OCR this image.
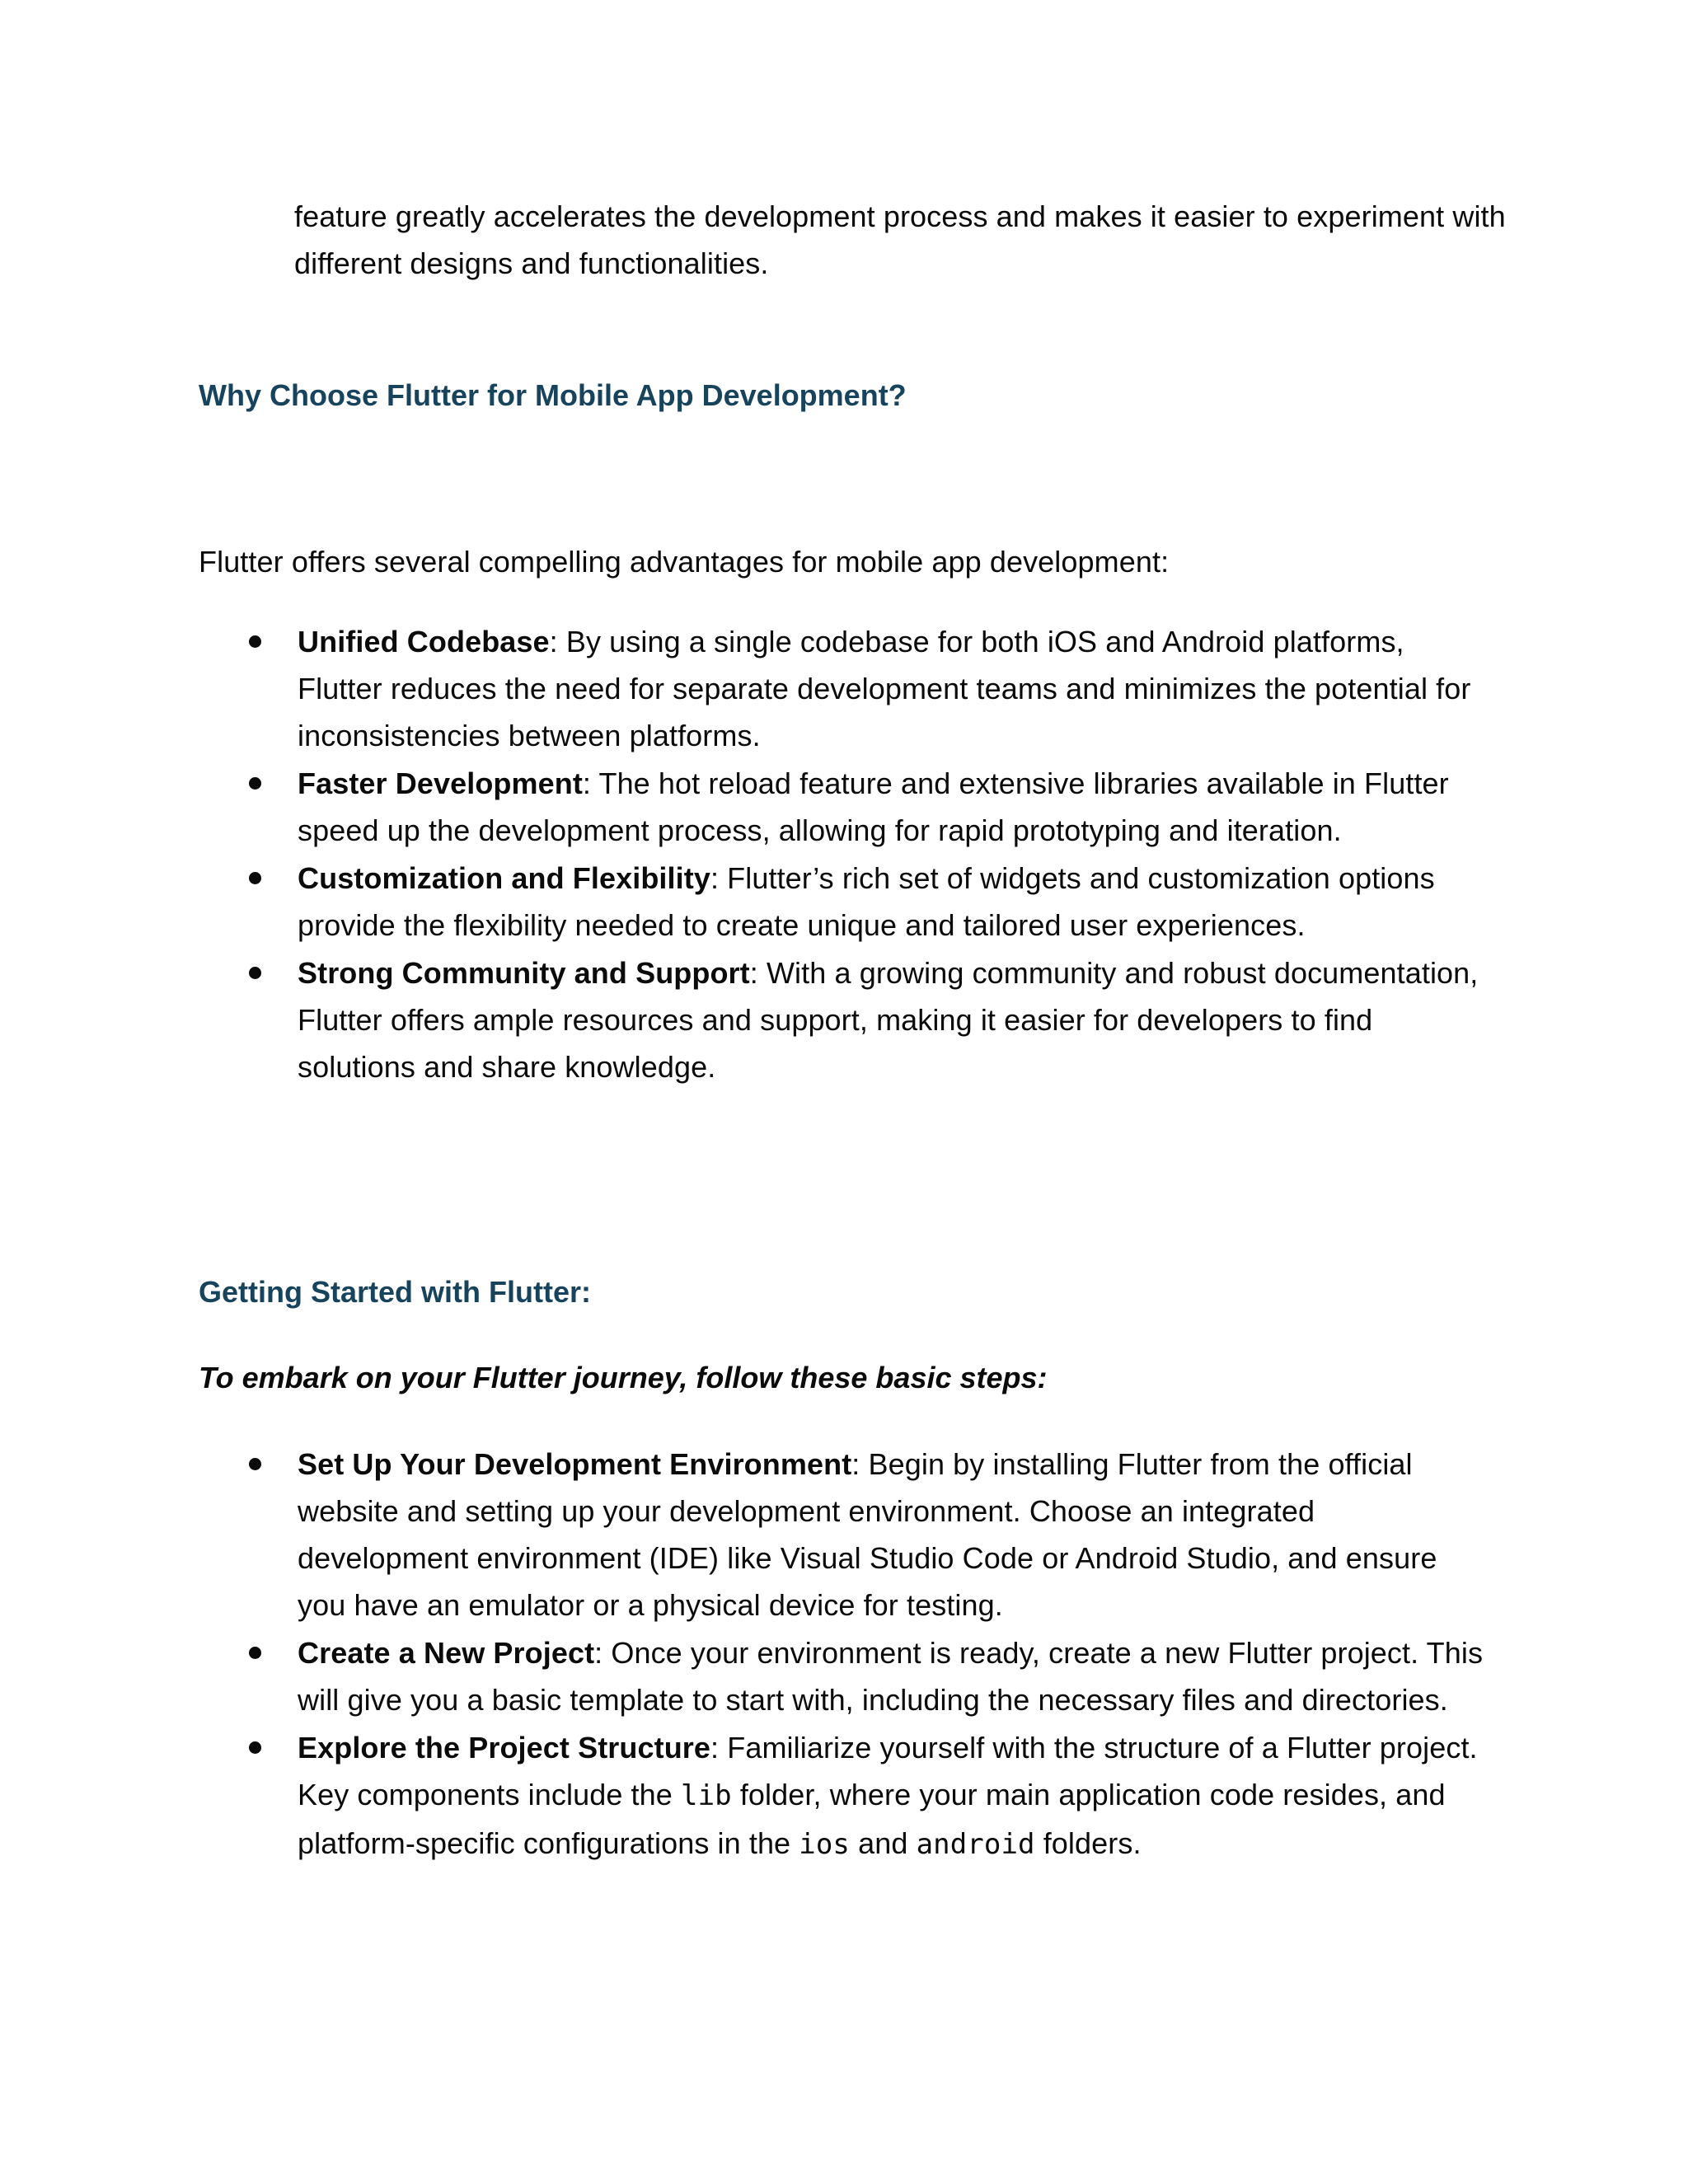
feature greatly accelerates the development process and makes it easier to experiment with different designs and functionalities.

Why Choose Flutter for Mobile App Development?

Flutter offers several compelling advantages for mobile app development:

Unified Codebase: By using a single codebase for both iOS and Android platforms, Flutter reduces the need for separate development teams and minimizes the potential for inconsistencies between platforms.
Faster Development: The hot reload feature and extensive libraries available in Flutter speed up the development process, allowing for rapid prototyping and iteration.
Customization and Flexibility: Flutter’s rich set of widgets and customization options provide the flexibility needed to create unique and tailored user experiences.
Strong Community and Support: With a growing community and robust documentation, Flutter offers ample resources and support, making it easier for developers to find solutions and share knowledge.
Getting Started with Flutter:

To embark on your Flutter journey, follow these basic steps:

Set Up Your Development Environment: Begin by installing Flutter from the official website and setting up your development environment. Choose an integrated development environment (IDE) like Visual Studio Code or Android Studio, and ensure you have an emulator or a physical device for testing.
Create a New Project: Once your environment is ready, create a new Flutter project. This will give you a basic template to start with, including the necessary files and directories.
Explore the Project Structure: Familiarize yourself with the structure of a Flutter project. Key components include the lib folder, where your main application code resides, and platform-specific configurations in the ios and android folders.
